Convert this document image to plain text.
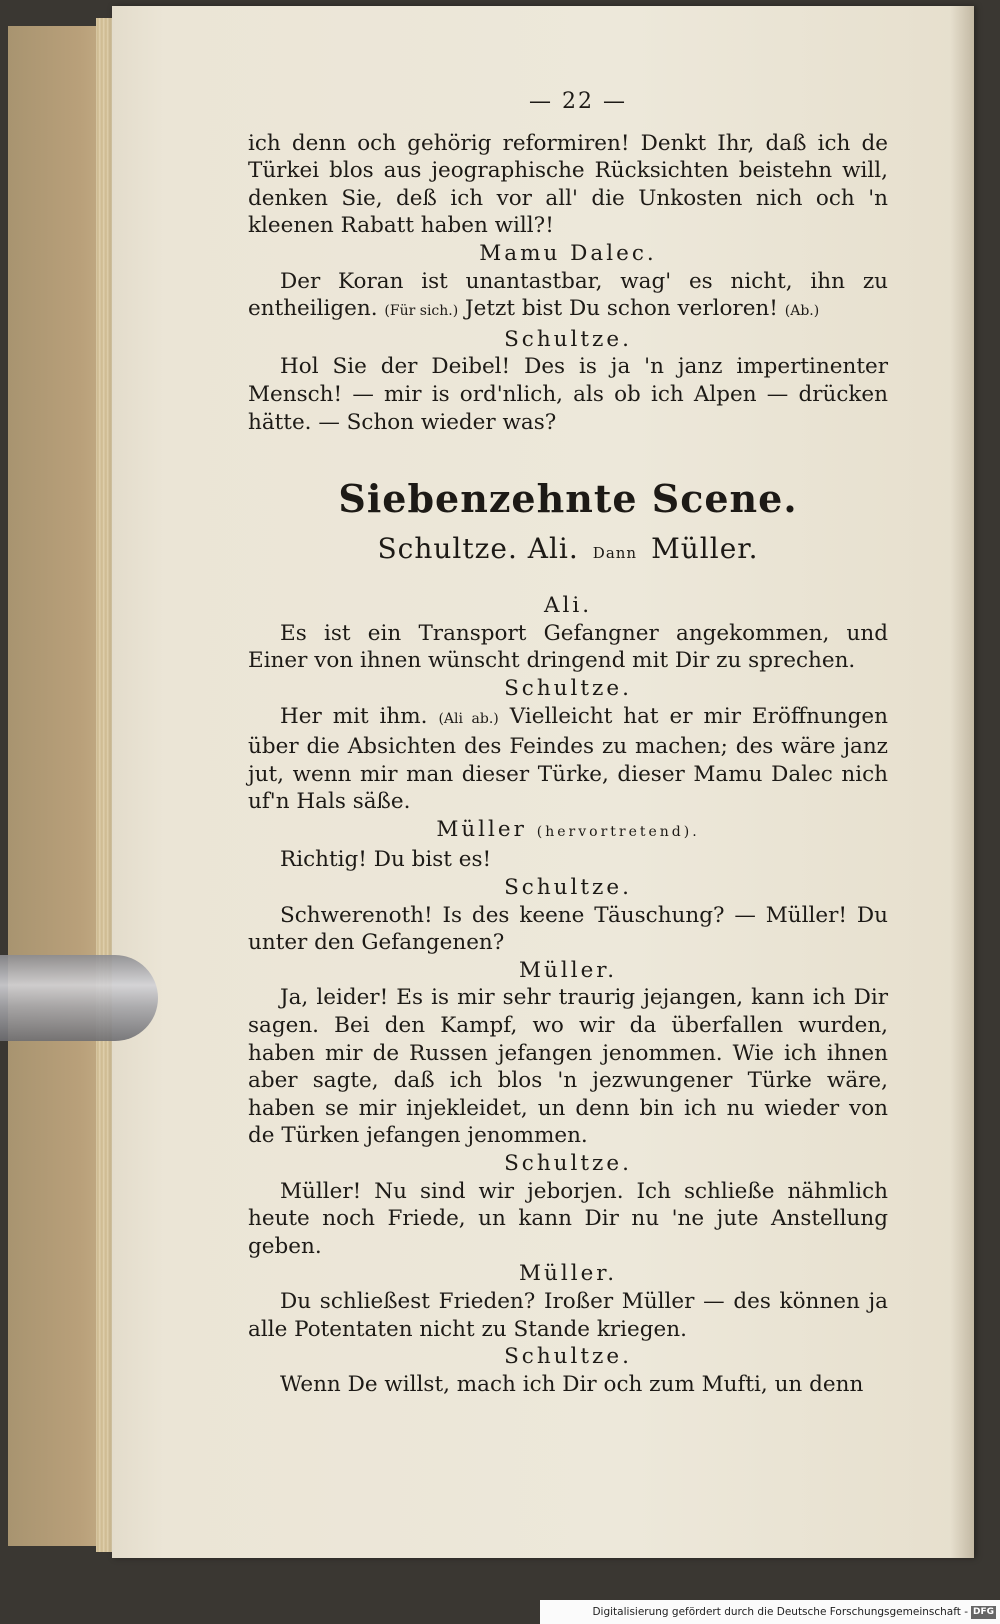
— 22 —

ich denn och gehörig reformiren! Denkt Ihr, daß ich de Türkei blos aus jeographische Rücksichten beistehn will, denken Sie, deß ich vor all' die Unkosten nich och 'n kleenen Rabatt haben will?!

Mamu Dalec.

Der Koran ist unantastbar, wag' es nicht, ihn zu entheiligen. (Für sich.) Jetzt bist Du schon verloren! (Ab.)

Schultze.

Hol Sie der Deibel! Des is ja 'n janz impertinenter Mensch! — mir is ord'nlich, als ob ich Alpen — drücken hätte. — Schon wieder was?

Siebenzehnte Scene.
Schultze. Ali. Dann Müller.

Ali.

Es ist ein Transport Gefangner angekommen, und Einer von ihnen wünscht dringend mit Dir zu sprechen.

Schultze.

Her mit ihm. (Ali ab.) Vielleicht hat er mir Eröffnungen über die Absichten des Feindes zu machen; des wäre janz jut, wenn mir man dieser Türke, dieser Mamu Dalec nich uf'n Hals säße.

Müller (hervortretend).

Richtig! Du bist es!

Schultze.

Schwerenoth! Is des keene Täuschung? — Müller! Du unter den Gefangenen?

Müller.

Ja, leider! Es is mir sehr traurig jejangen, kann ich Dir sagen. Bei den Kampf, wo wir da überfallen wurden, haben mir de Russen jefangen jenommen. Wie ich ihnen aber sagte, daß ich blos 'n jezwungener Türke wäre, haben se mir injekleidet, un denn bin ich nu wieder von de Türken jefangen jenommen.

Schultze.

Müller! Nu sind wir jeborjen. Ich schließe nähmlich heute noch Friede, un kann Dir nu 'ne jute Anstellung geben.

Müller.

Du schließest Frieden? Iroßer Müller — des können ja alle Potentaten nicht zu Stande kriegen.

Schultze.

Wenn De willst, mach ich Dir och zum Mufti, un denn

Digitalisierung gefördert durch die Deutsche Forschungsgemeinschaft - DFG
